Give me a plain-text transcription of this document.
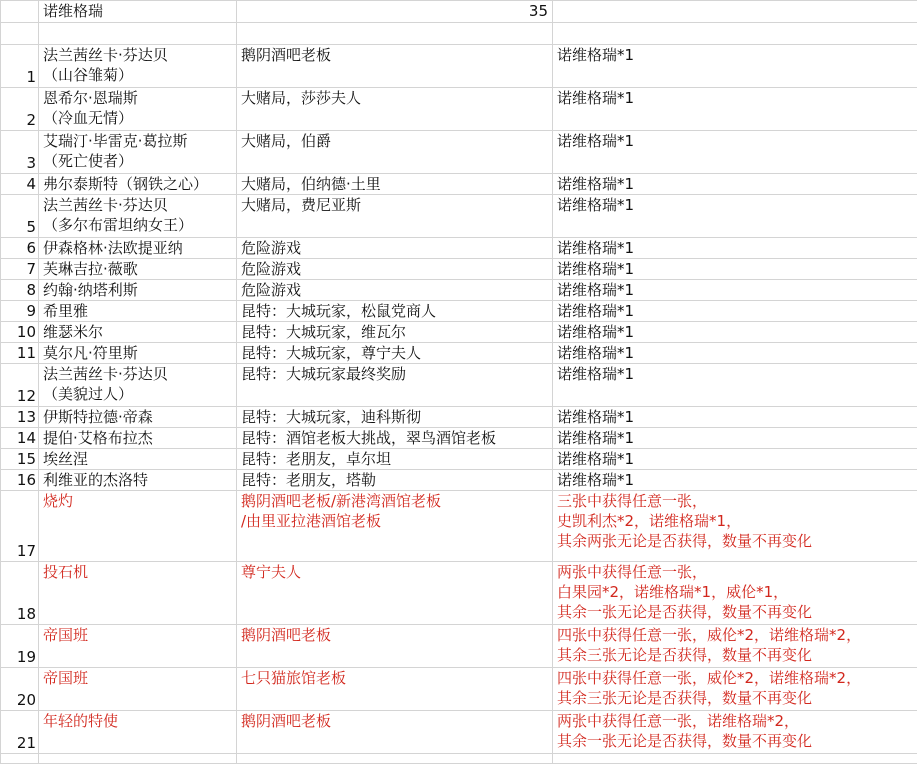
	诺维格瑞	35	

1	法兰茜丝卡·芬达贝
（山谷雏菊）	鹅阴酒吧老板	诺维格瑞*1
2	恩希尔·恩瑞斯
（冷血无情）	大赌局，莎莎夫人	诺维格瑞*1
3	艾瑞汀·毕雷克·葛拉斯
（死亡使者）	大赌局，伯爵	诺维格瑞*1
4	弗尔泰斯特（钢铁之心）	大赌局，伯纳德·土里	诺维格瑞*1
5	法兰茜丝卡·芬达贝
（多尔布雷坦纳女王）	大赌局，费尼亚斯	诺维格瑞*1
6	伊森格林·法欧提亚纳	危险游戏	诺维格瑞*1
7	芙琳吉拉·薇歌	危险游戏	诺维格瑞*1
8	约翰·纳塔利斯	危险游戏	诺维格瑞*1
9	希里雅	昆特：大城玩家，松鼠党商人	诺维格瑞*1
10	维瑟米尔	昆特：大城玩家，维瓦尔	诺维格瑞*1
11	莫尔凡·符里斯	昆特：大城玩家，尊宁夫人	诺维格瑞*1
12	法兰茜丝卡·芬达贝
（美貌过人）	昆特：大城玩家最终奖励	诺维格瑞*1
13	伊斯特拉德·帝森	昆特：大城玩家，迪科斯彻	诺维格瑞*1
14	提伯·艾格布拉杰	昆特：酒馆老板大挑战，翠鸟酒馆老板	诺维格瑞*1
15	埃丝涅	昆特：老朋友，卓尔坦	诺维格瑞*1
16	利维亚的杰洛特	昆特：老朋友，塔勒	诺维格瑞*1
17	烧灼	鹅阴酒吧老板/新港湾酒馆老板
/由里亚拉港酒馆老板	三张中获得任意一张，
史凯利杰*2，诺维格瑞*1，
其余两张无论是否获得，数量不再变化
18	投石机	尊宁夫人	两张中获得任意一张，
白果园*2，诺维格瑞*1，威伦*1，
其余一张无论是否获得，数量不再变化
19	帝国班	鹅阴酒吧老板	四张中获得任意一张，威伦*2，诺维格瑞*2，
其余三张无论是否获得，数量不再变化
20	帝国班	七只猫旅馆老板	四张中获得任意一张，威伦*2，诺维格瑞*2，
其余三张无论是否获得，数量不再变化
21	年轻的特使	鹅阴酒吧老板	两张中获得任意一张，诺维格瑞*2，
其余一张无论是否获得，数量不再变化
